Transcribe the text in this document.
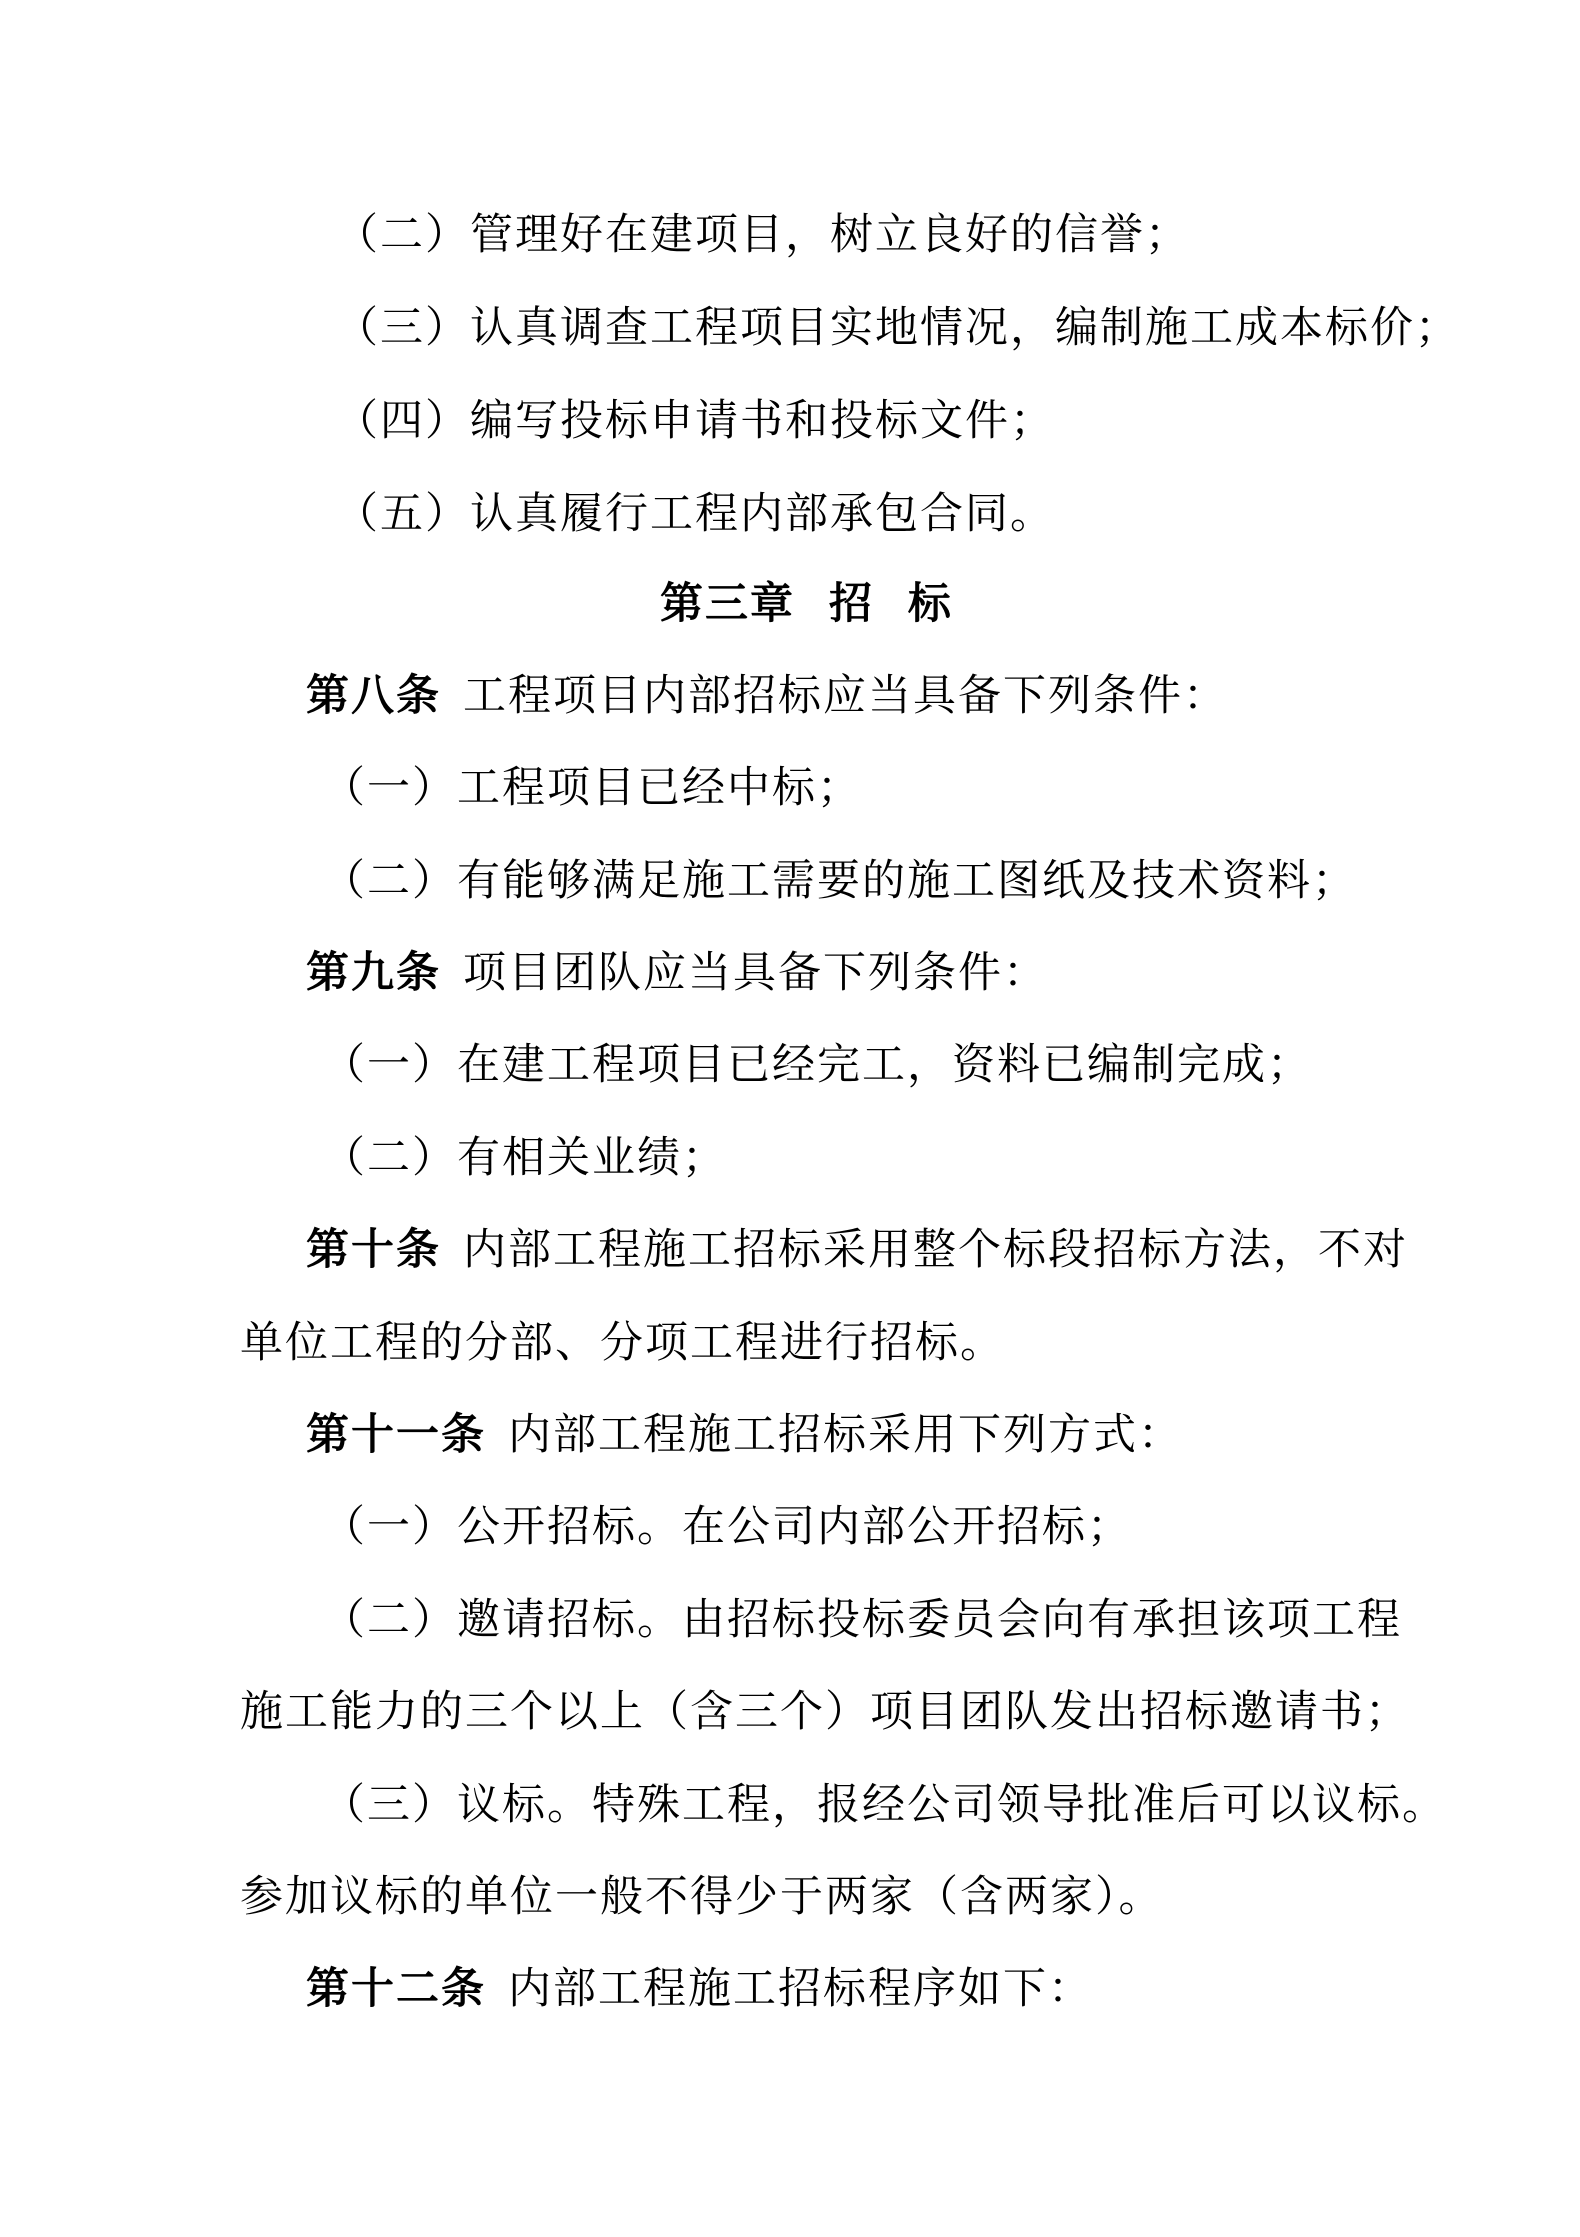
（二）管理好在建项目，树立良好的信誉；
（三）认真调查工程项目实地情况，编制施工成本标价；
（四）编写投标申请书和投标文件；
（五）认真履行工程内部承包合同。
第三章  招  标
第八条 工程项目内部招标应当具备下列条件：
（一）工程项目已经中标；
（二）有能够满足施工需要的施工图纸及技术资料；
第九条 项目团队应当具备下列条件：
（一）在建工程项目已经完工，资料已编制完成；
（二）有相关业绩；
第十条 内部工程施工招标采用整个标段招标方法，不对
单位工程的分部、分项工程进行招标。
第十一条 内部工程施工招标采用下列方式：
（一）公开招标。在公司内部公开招标；
（二）邀请招标。由招标投标委员会向有承担该项工程
施工能力的三个以上（含三个）项目团队发出招标邀请书；
（三）议标。特殊工程，报经公司领导批准后可以议标。
参加议标的单位一般不得少于两家（含两家）。
第十二条 内部工程施工招标程序如下：
